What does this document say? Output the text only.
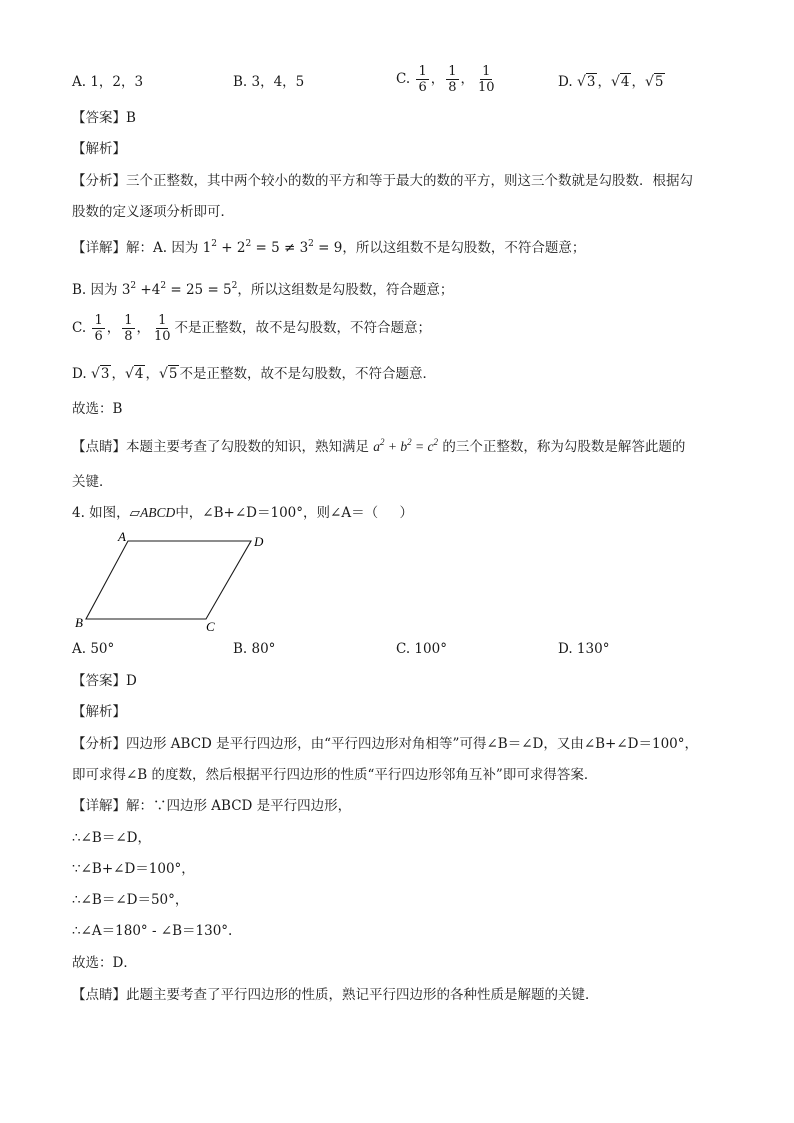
A. 1，2，3	B. 3，4，5	C. $\frac{1}{6}$ ， $\frac{1}{8}$ ， $\frac{1}{10}$	D. √3 ，√4 ，√5
【答案】B
【解析】
【分析】三个正整数，其中两个较小的数的平方和等于最大的数的平方，则这三个数就是勾股数．根据勾
股数的定义逐项分析即可．
【详解】解：A. 因为 $1^2 + 2^2 = 5 \ne 3^2 = 9$，所以这组数不是勾股数，不符合题意；
B. 因为 $3^2 +4^2 = 25 = 5^2$，所以这组数是勾股数，符合题意；
C. $\frac{1}{6}$ ， $\frac{1}{8}$ ， $\frac{1}{10}$ 不是正整数，故不是勾股数，不符合题意；
D. √3 ，√4 ，√5 不是正整数，故不是勾股数，不符合题意．
故选：B
【点睛】本题主要考查了勾股数的知识，熟知满足 $a^2 + b^2 = c^2$ 的三个正整数，称为勾股数是解答此题的
关键．
4. 如图，▱ABCD中，∠B+∠D＝100°，则∠A＝（ ）
A	D
B	C
A. 50°	B. 80°	C. 100°	D. 130°
【答案】D
【解析】
【分析】四边形 ABCD 是平行四边形，由“平行四边形对角相等”可得∠B＝∠D，又由∠B+∠D＝100°，
即可求得∠B 的度数，然后根据平行四边形的性质“平行四边形邻角互补”即可求得答案．
【详解】解：∵四边形 ABCD 是平行四边形，
∴∠B＝∠D，
∵∠B+∠D＝100°，
∴∠B＝∠D＝50°，
∴∠A＝180° - ∠B＝130°.
故选：D．
【点睛】此题主要考查了平行四边形的性质，熟记平行四边形的各种性质是解题的关键．
